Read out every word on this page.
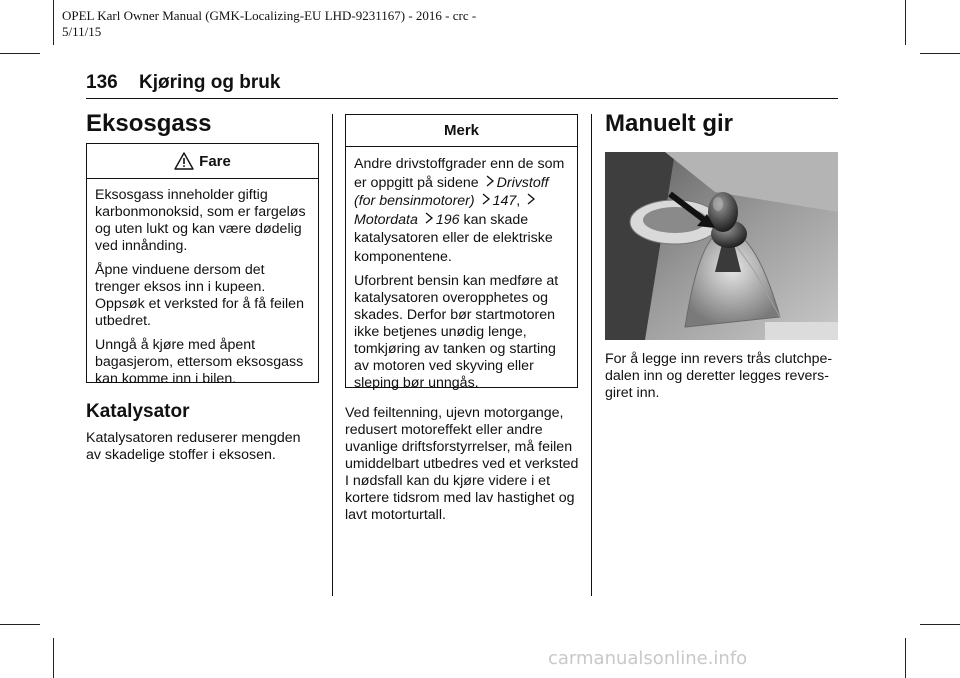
OPEL Karl Owner Manual (GMK-Localizing-EU LHD-9231167) - 2016 - crc -
5/11/15
136 Kjøring og bruk
Eksosgass
Fare

Eksosgass inneholder giftig karbonmonoksid, som er fargeløs og uten lukt og kan være dødelig ved innånding.

Åpne vinduene dersom det trenger eksos inn i kupeen. Oppsøk et verksted for å få feilen utbedret.

Unngå å kjøre med åpent bagasjerom, ettersom eksosgass kan komme inn i bilen.

Katalysator

Katalysatoren reduserer mengden av skadelige stoffer i eksosen.

Merk

Andre drivstoffgrader enn de som er oppgitt på sidene Drivstoff (for bensinmotorer) 147, Motordata 196 kan skade katalysatoren eller de elektriske komponentene.

Uforbrent bensin kan medføre at katalysatoren overopphetes og skades. Derfor bør startmotoren ikke betjenes unødig lenge, tomkjøring av tanken og starting av motoren ved skyving eller sleping bør unngås.

Ved feiltenning, ujevn motorgange, redusert motoreffekt eller andre uvanlige driftsforstyrrelser, må feilen umiddelbart utbedres ved et verksted I nødsfall kan du kjøre videre i et kortere tidsrom med lav hastighet og lavt motorturtall.

Manuelt gir

For å legge inn revers trås clutchpedalen inn og deretter legges reversgiret inn.

carmanualsonline.info
